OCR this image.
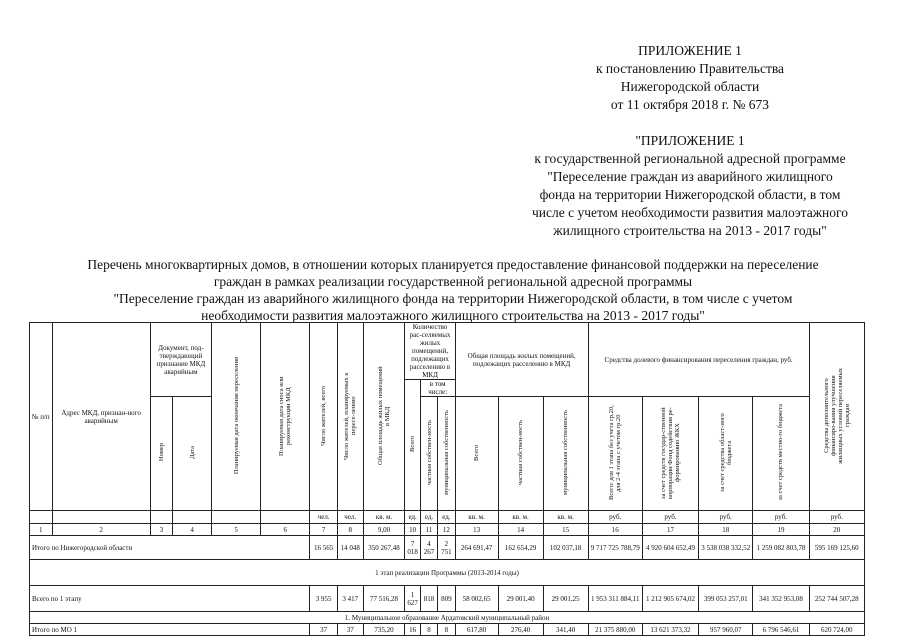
ПРИЛОЖЕНИЕ 1
к постановлению Правительства
Нижегородской области
от 11 октября 2018 г. № 673
"ПРИЛОЖЕНИЕ 1
к государственной региональной адресной программе
"Переселение граждан из аварийного жилищного
фонда на территории Нижегородской области, в том
числе с учетом необходимости развития малоэтажного
жилищного строительства на 2013 - 2017 годы"
Перечень многоквартирных домов, в отношении которых планируется предоставление финансовой поддержки на переселение
граждан в рамках реализации государственной региональной адресной программы
"Переселение граждан из аварийного жилищного фонда на территории Нижегородской области, в том числе с учетом
необходимости развития малоэтажного жилищного строительства на 2013 - 2017 годы"
№ п/п	Адрес МКД, признан-ного аварийным	Документ, под-тверждающий признание МКД аварийным		Планируемая дата окончания переселения	Планируемая дата сноса или реконструкции МКД	Число жителей, всего	Число жителей, планируемых к пересе-лению	Общая площадь жилых помещений в МКД	Количество рас-селяемых жилых помещений, подлежащих расселению в МКД			Общая площадь жилых помещений, подлежащих расселению в МКД			Средства долевого финансирования переселения граждан, руб.				Средства дополнительного финансиро-вания улучшения жилищных условий переселяемых граждан
									Всего	в том числе:									
		Номер	Дата							частная собствен-ность	муниципальная собственность	Всего	частная собствен-ность	муниципальная собственность	Всего: для 1 этапа без учета гр.20, для 2-4 этапа с учетом гр.20	за счет средств государ-ственной корпорации Фонд содействия ре-формированию ЖКХ	за счет средства област-ного бюджета	за счет средств местно-го бюджета	
						чел.	чел.	кв. м.	ед.	ед.	ед.	кв. м.	кв. м.	кв. м.	руб.	руб.	руб.	руб.	руб.
1	2	3	4	5	6	7	8	9,00	10	11	12	13	14	15	16	17	18	19	20
Итого по Нижегородской области						16 565	14 048	350 267,48	7 018	4 267	2 751	264 691,47	162 654,29	102 037,18	9 717 725 788,79	4 920 604 652,49	3 538 038 332,52	1 259 082 803,78	595 169 125,60
1 этап реализации Программы (2013-2014 годы)																			
Всего по 1 этапу						3 955	3 417	77 516,28	1 627	818	809	58 002,65	29 001,40	29 001,25	1 953 311 884,11	1 212 905 674,02	399 053 257,01	341 352 953,08	252 744 507,28
1. Муниципальное образование Ардатовский муниципальный район																			
Итого по МО 1						37	37	735,20	16	8	8	617,80	276,40	341,40	21 375 880,00	13 621 373,32	957 960,07	6 796 546,61	620 724,00
